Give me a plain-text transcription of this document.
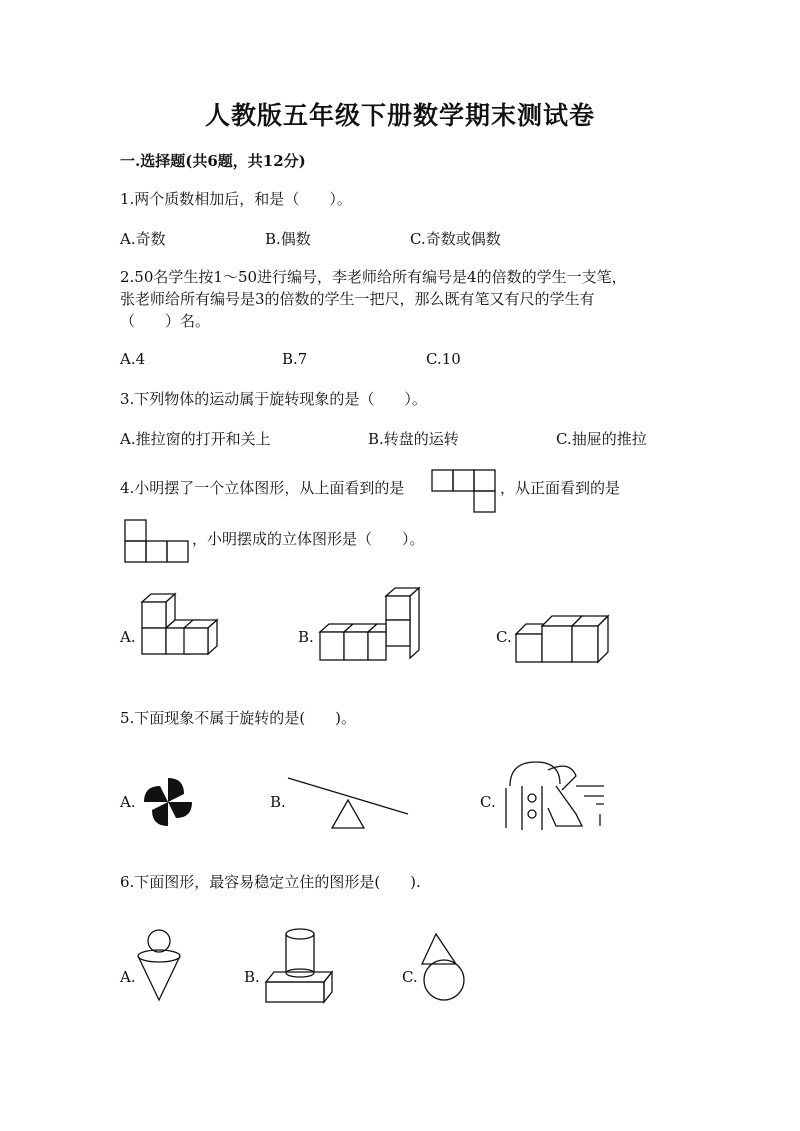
人教版五年级下册数学期末测试卷
一.选择题(共6题，共12分)
1.两个质数相加后，和是（　　）。
A.奇数	B.偶数	C.奇数或偶数
2.50名学生按1～50进行编号，李老师给所有编号是4的倍数的学生一支笔，
张老师给所有编号是3的倍数的学生一把尺，那么既有笔又有尺的学生有
（　　）名。
A.4	B.7	C.10
3.下列物体的运动属于旋转现象的是（　　）。
A.推拉窗的打开和关上	B.转盘的运转	C.抽屉的推拉
4.小明摆了一个立体图形，从上面看到的是	，从正面看到的是
，小明摆成的立体图形是（　　）。
A.	B.	C.
5.下面现象不属于旋转的是(　　)。
A.	B.	C.
6.下面图形，最容易稳定立住的图形是(　　).
A.	B.	C.
